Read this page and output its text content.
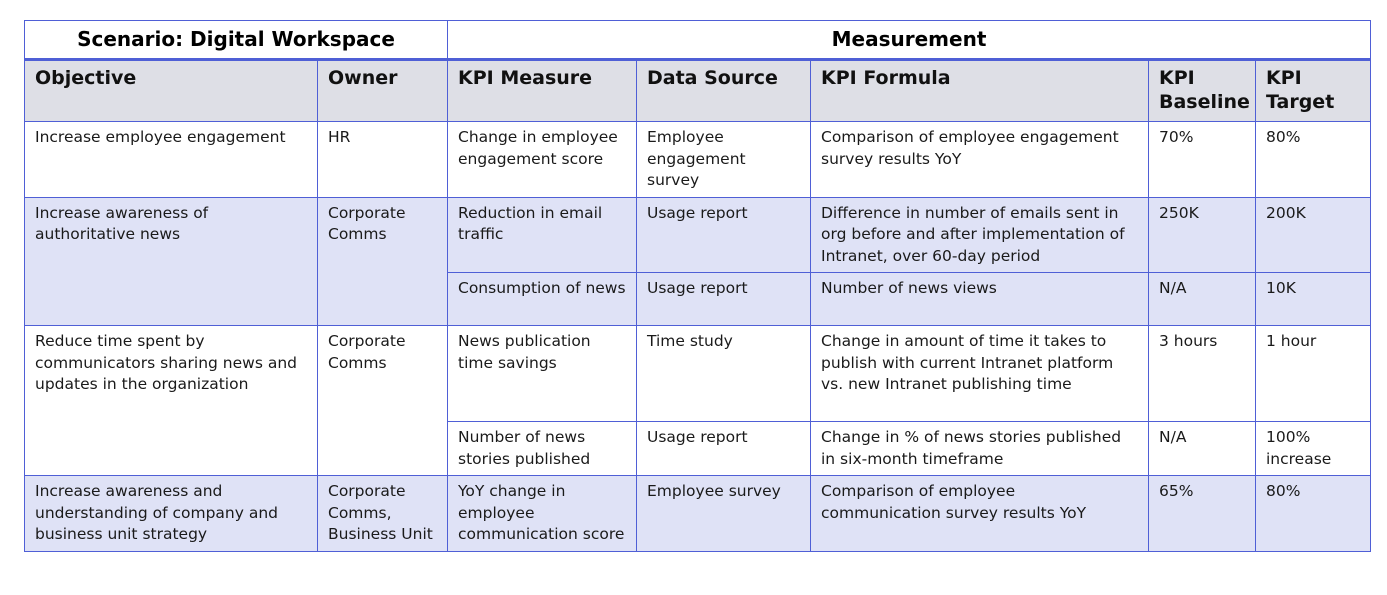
Scenario: Digital Workspace		Measurement				
Objective	Owner	KPI Measure	Data Source	KPI Formula	KPI Baseline	KPI Target
Increase employee engagement	HR	Change in employee engagement score	Employee engagement survey	Comparison of employee engagement survey results YoY	70%	80%
Increase awareness of authoritative news	Corporate Comms	Reduction in email traffic	Usage report	Difference in number of emails sent in org before and after implementation of Intranet, over 60-day period	250K	200K
		Consumption of news	Usage report	Number of news views	N/A	10K
Reduce time spent by communicators sharing news and updates in the organization	Corporate Comms	News publication time savings	Time study	Change in amount of time it takes to publish with current Intranet platform vs. new Intranet publishing time	3 hours	1 hour
		Number of news stories published	Usage report	Change in % of news stories published in six-month timeframe	N/A	100% increase
Increase awareness and understanding of company and business unit strategy	Corporate Comms, Business Unit	YoY change in employee communication score	Employee survey	Comparison of employee communication survey results YoY	65%	80%
